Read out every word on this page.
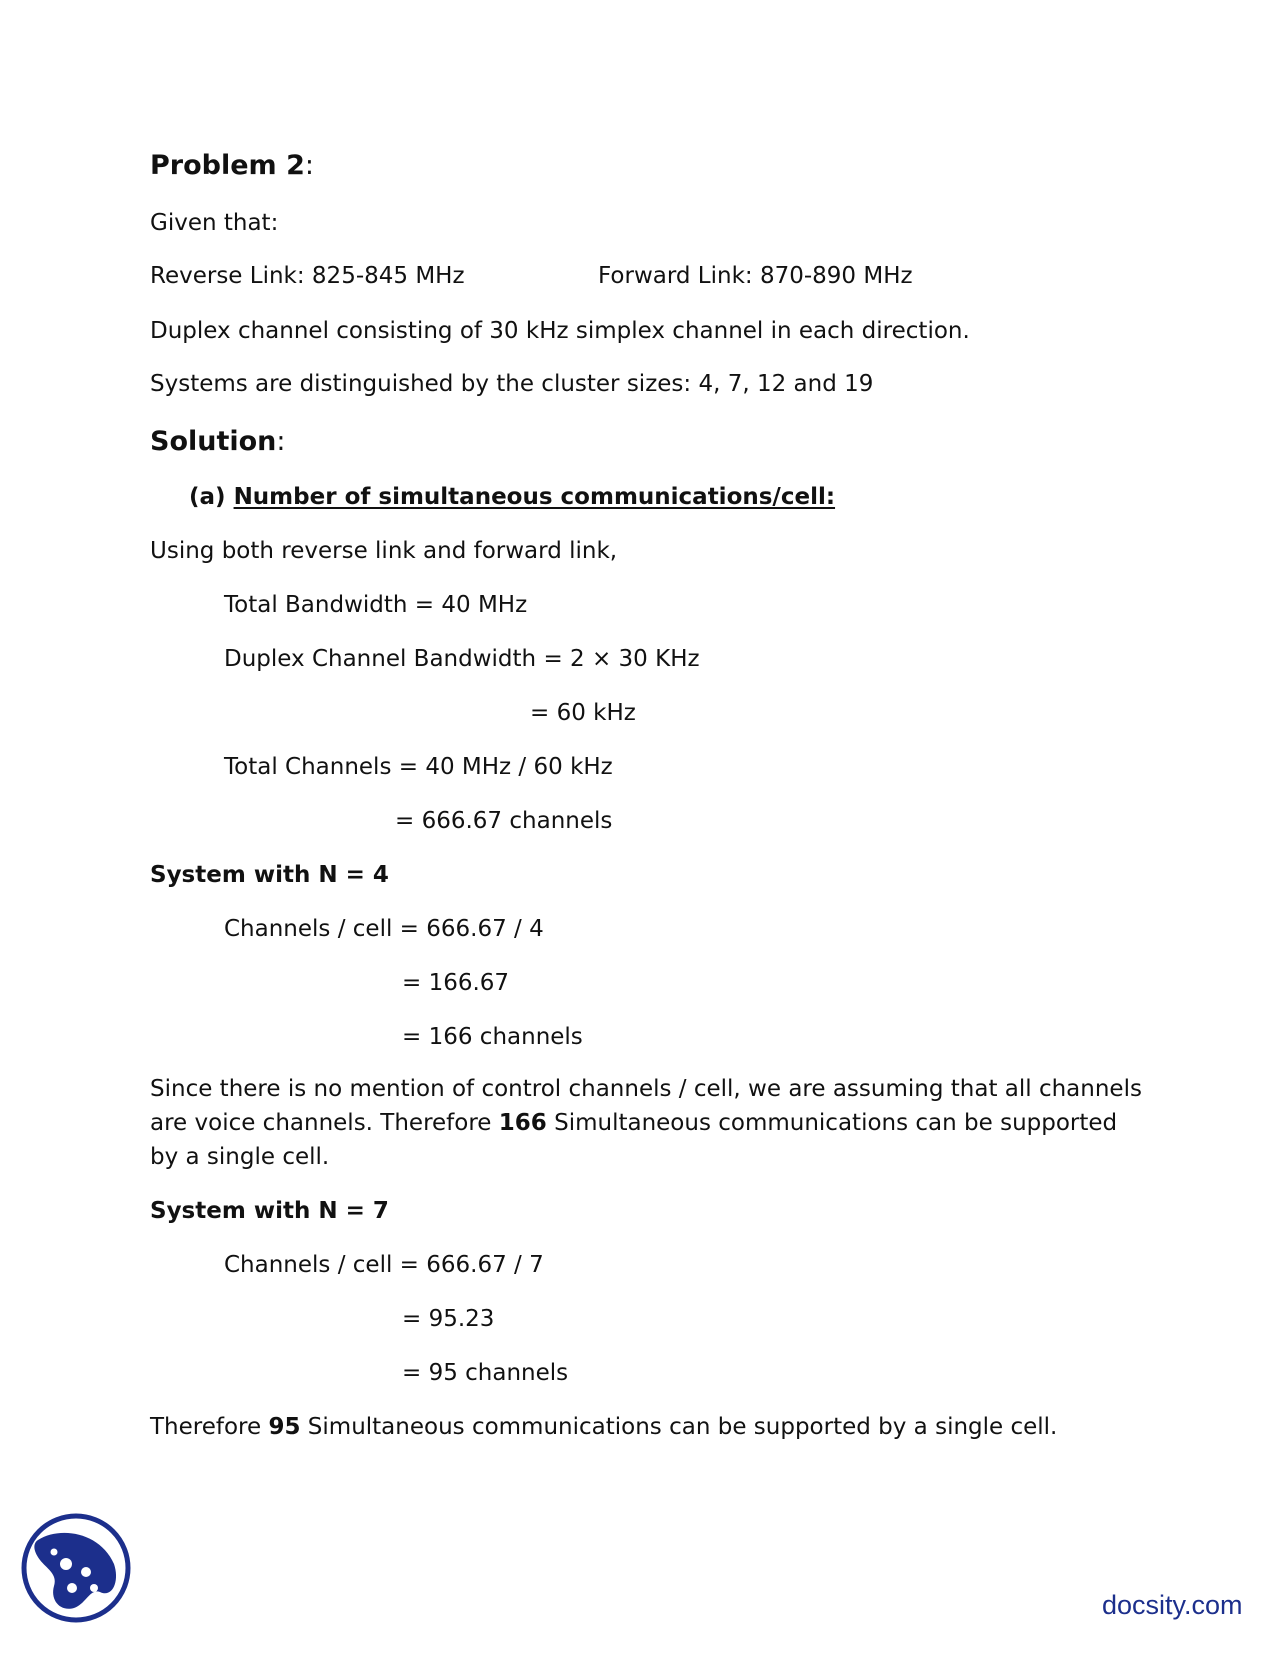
Problem 2:
Given that:
Reverse Link: 825-845 MHz	Forward Link: 870-890 MHz
Duplex channel consisting of 30 kHz simplex channel in each direction.
Systems are distinguished by the cluster sizes: 4, 7, 12 and 19
Solution:
(a) Number of simultaneous communications/cell:
Using both reverse link and forward link,
Total Bandwidth = 40 MHz
Duplex Channel Bandwidth = 2 × 30 KHz
= 60 kHz
Total Channels = 40 MHz / 60 kHz
= 666.67 channels
System with N = 4
Channels / cell = 666.67 / 4
= 166.67
= 166 channels
Since there is no mention of control channels / cell, we are assuming that all channels are voice channels. Therefore 166 Simultaneous communications can be supported by a single cell.
System with N = 7
Channels / cell = 666.67 / 7
= 95.23
= 95 channels
Therefore 95 Simultaneous communications can be supported by a single cell.
docsity.com
